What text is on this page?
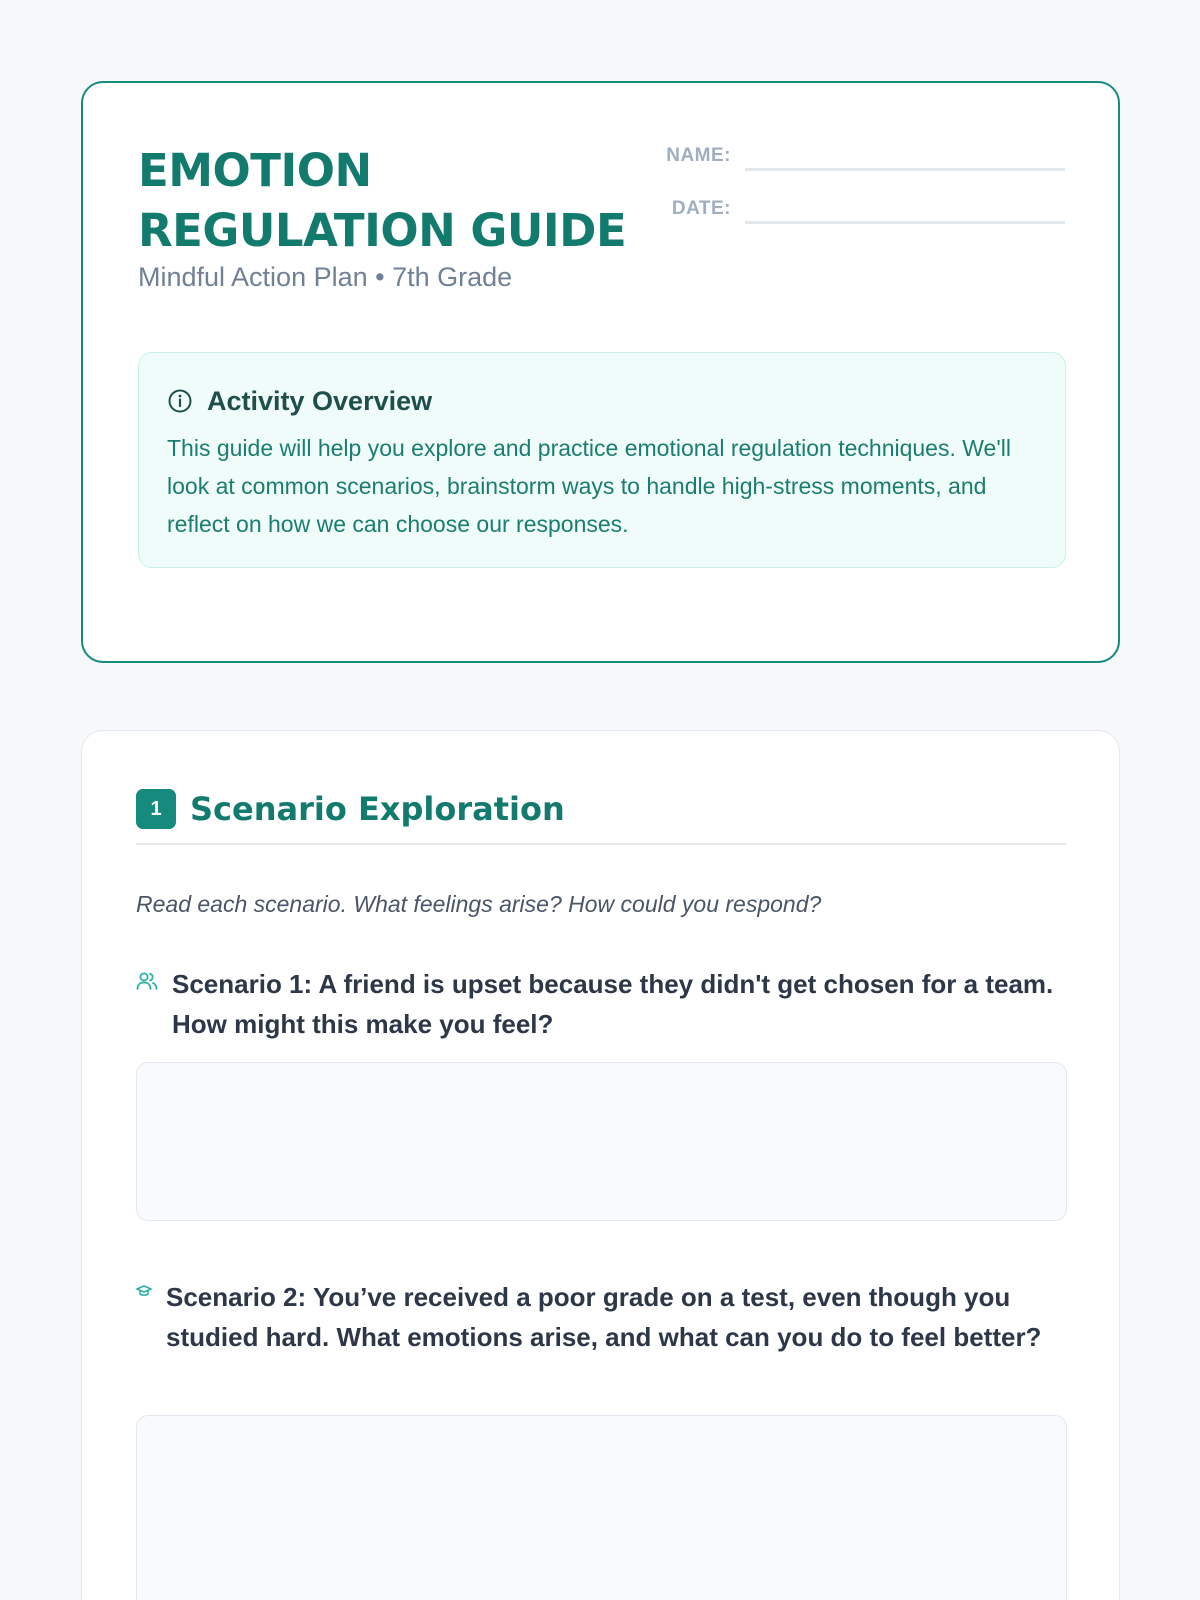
EMOTION REGULATION GUIDE
Mindful Action Plan • 7th Grade
NAME:
DATE:
Activity Overview

This guide will help you explore and practice emotional regulation techniques. We'll look at common scenarios, brainstorm ways to handle high-stress moments, and reflect on how we can choose our responses.

1 Scenario Exploration

Read each scenario. What feelings arise? How could you respond?

Scenario 1: A friend is upset because they didn't get chosen for a team. How might this make you feel?

Scenario 2: You’ve received a poor grade on a test, even though you studied hard. What emotions arise, and what can you do to feel better?
